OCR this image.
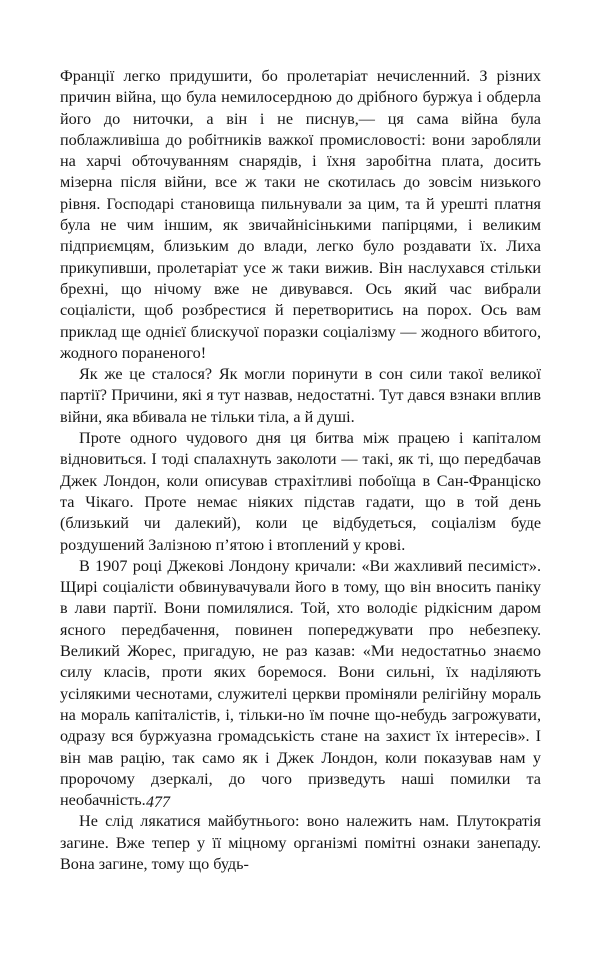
Франції легко придушити, бо пролетаріат нечисленний. З різних причин війна, що була немилосердною до дрібного буржуа і обдерла його до ниточки, а він і не писнув,— ця сама війна була поблажливіша до робітників важкої промисловості: вони заробляли на харчі обточуванням снарядів, і їхня заробітна плата, досить мізерна після війни, все ж таки не скотилась до зовсім низького рівня. Господарі становища пильнували за цим, та й урешті платня була не чим іншим, як звичайнісінькими папірцями, і великим підприємцям, близьким до влади, легко було роздавати їх. Лиха прикупивши, пролетаріат усе ж таки вижив. Він наслухався стільки брехні, що нічому вже не дивувався. Ось який час вибрали соціалісти, щоб розбрестися й перетворитись на порох. Ось вам приклад ще однієї блискучої поразки соціалізму — жодного вбитого, жодного пораненого!

Як же це сталося? Як могли поринути в сон сили такої великої партії? Причини, які я тут назвав, недостатні. Тут дався взнаки вплив війни, яка вбивала не тільки тіла, а й душі.

Проте одного чудового дня ця битва між працею і капіталом відновиться. І тоді спалахнуть заколоти — такі, як ті, що передбачав Джек Лондон, коли описував страхітливі побоїща в Сан-Франціско та Чікаго. Проте немає ніяких підстав гадати, що в той день (близький чи далекий), коли це відбудеться, соціалізм буде роздушений Залізною п’ятою і втоплений у крові.

В 1907 році Джекові Лондону кричали: «Ви жахливий песиміст». Щирі соціалісти обвинувачували його в тому, що він вносить паніку в лави партії. Вони помилялися. Той, хто володіє рідкісним даром ясного передбачення, повинен попереджувати про небезпеку. Великий Жорес, пригадую, не раз казав: «Ми недостатньо знаємо силу класів, проти яких боремося. Вони сильні, їх наділяють усілякими чеснотами, служителі церкви проміняли релігійну мораль на мораль капіталістів, і, тільки-но їм почне що-небудь загрожувати, одразу вся буржуазна громадськість стане на захист їх інтересів». І він мав рацію, так само як і Джек Лондон, коли показував нам у пророчому дзеркалі, до чого призведуть наші помилки та необачність.

Не слід лякатися майбутнього: воно належить нам. Плутократія загине. Вже тепер у її міцному організмі помітні ознаки занепаду. Вона загине, тому що будь-

477
